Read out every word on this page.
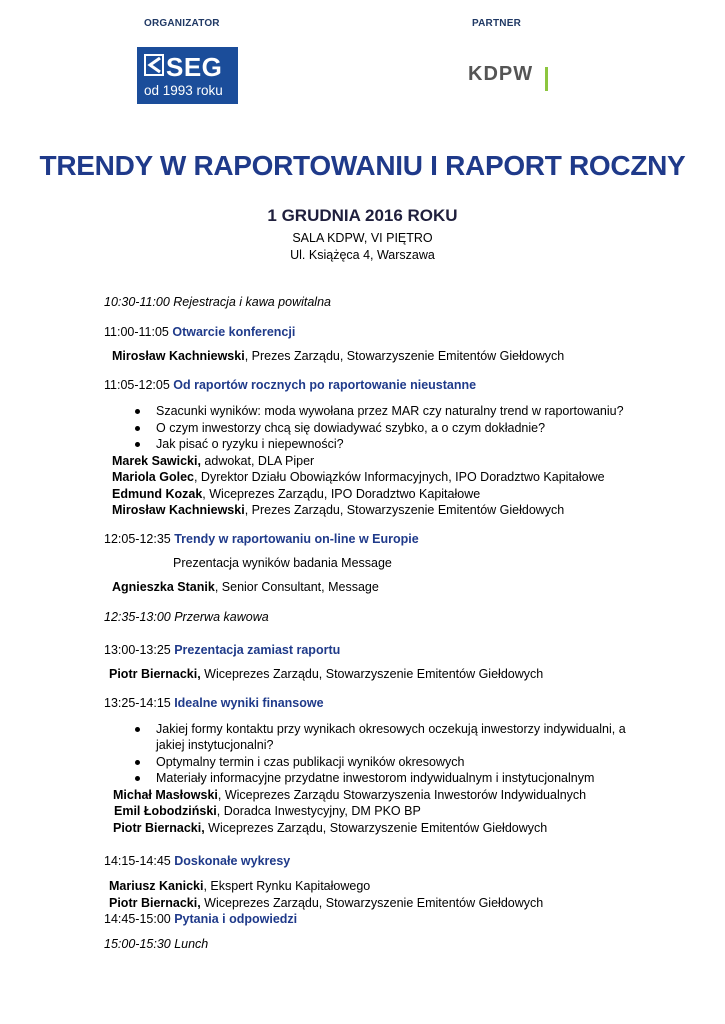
ORGANIZATOR	PARTNER
SEG
od 1993 roku
KDPW
TRENDY W RAPORTOWANIU I RAPORT ROCZNY
1 GRUDNIA 2016 ROKU
SALA KDPW, VI PIĘTRO
Ul. Książęca 4, Warszawa
10:30-11:00 Rejestracja i kawa powitalna
11:00-11:05 Otwarcie konferencji
Mirosław Kachniewski, Prezes Zarządu, Stowarzyszenie Emitentów Giełdowych
11:05-12:05 Od raportów rocznych po raportowanie nieustanne
Szacunki wyników: moda wywołana przez MAR czy naturalny trend w raportowaniu?
O czym inwestorzy chcą się dowiadywać szybko, a o czym dokładnie?
Jak pisać o ryzyku i niepewności?
Marek Sawicki, adwokat, DLA Piper
Mariola Golec, Dyrektor Działu Obowiązków Informacyjnych, IPO Doradztwo Kapitałowe
Edmund Kozak, Wiceprezes Zarządu, IPO Doradztwo Kapitałowe
Mirosław Kachniewski, Prezes Zarządu, Stowarzyszenie Emitentów Giełdowych
12:05-12:35 Trendy w raportowaniu on-line w Europie
Prezentacja wyników badania Message
Agnieszka Stanik, Senior Consultant, Message
12:35-13:00 Przerwa kawowa
13:00-13:25 Prezentacja zamiast raportu
Piotr Biernacki, Wiceprezes Zarządu, Stowarzyszenie Emitentów Giełdowych
13:25-14:15 Idealne wyniki finansowe
Jakiej formy kontaktu przy wynikach okresowych oczekują inwestorzy indywidualni, a
jakiej instytucjonalni?
Optymalny termin i czas publikacji wyników okresowych
Materiały informacyjne przydatne inwestorom indywidualnym i instytucjonalnym
Michał Masłowski, Wiceprezes Zarządu Stowarzyszenia Inwestorów Indywidualnych
Emil Łobodziński, Doradca Inwestycyjny, DM PKO BP
Piotr Biernacki, Wiceprezes Zarządu, Stowarzyszenie Emitentów Giełdowych
14:15-14:45 Doskonałe wykresy
Mariusz Kanicki, Ekspert Rynku Kapitałowego
Piotr Biernacki, Wiceprezes Zarządu, Stowarzyszenie Emitentów Giełdowych
14:45-15:00 Pytania i odpowiedzi
15:00-15:30 Lunch
